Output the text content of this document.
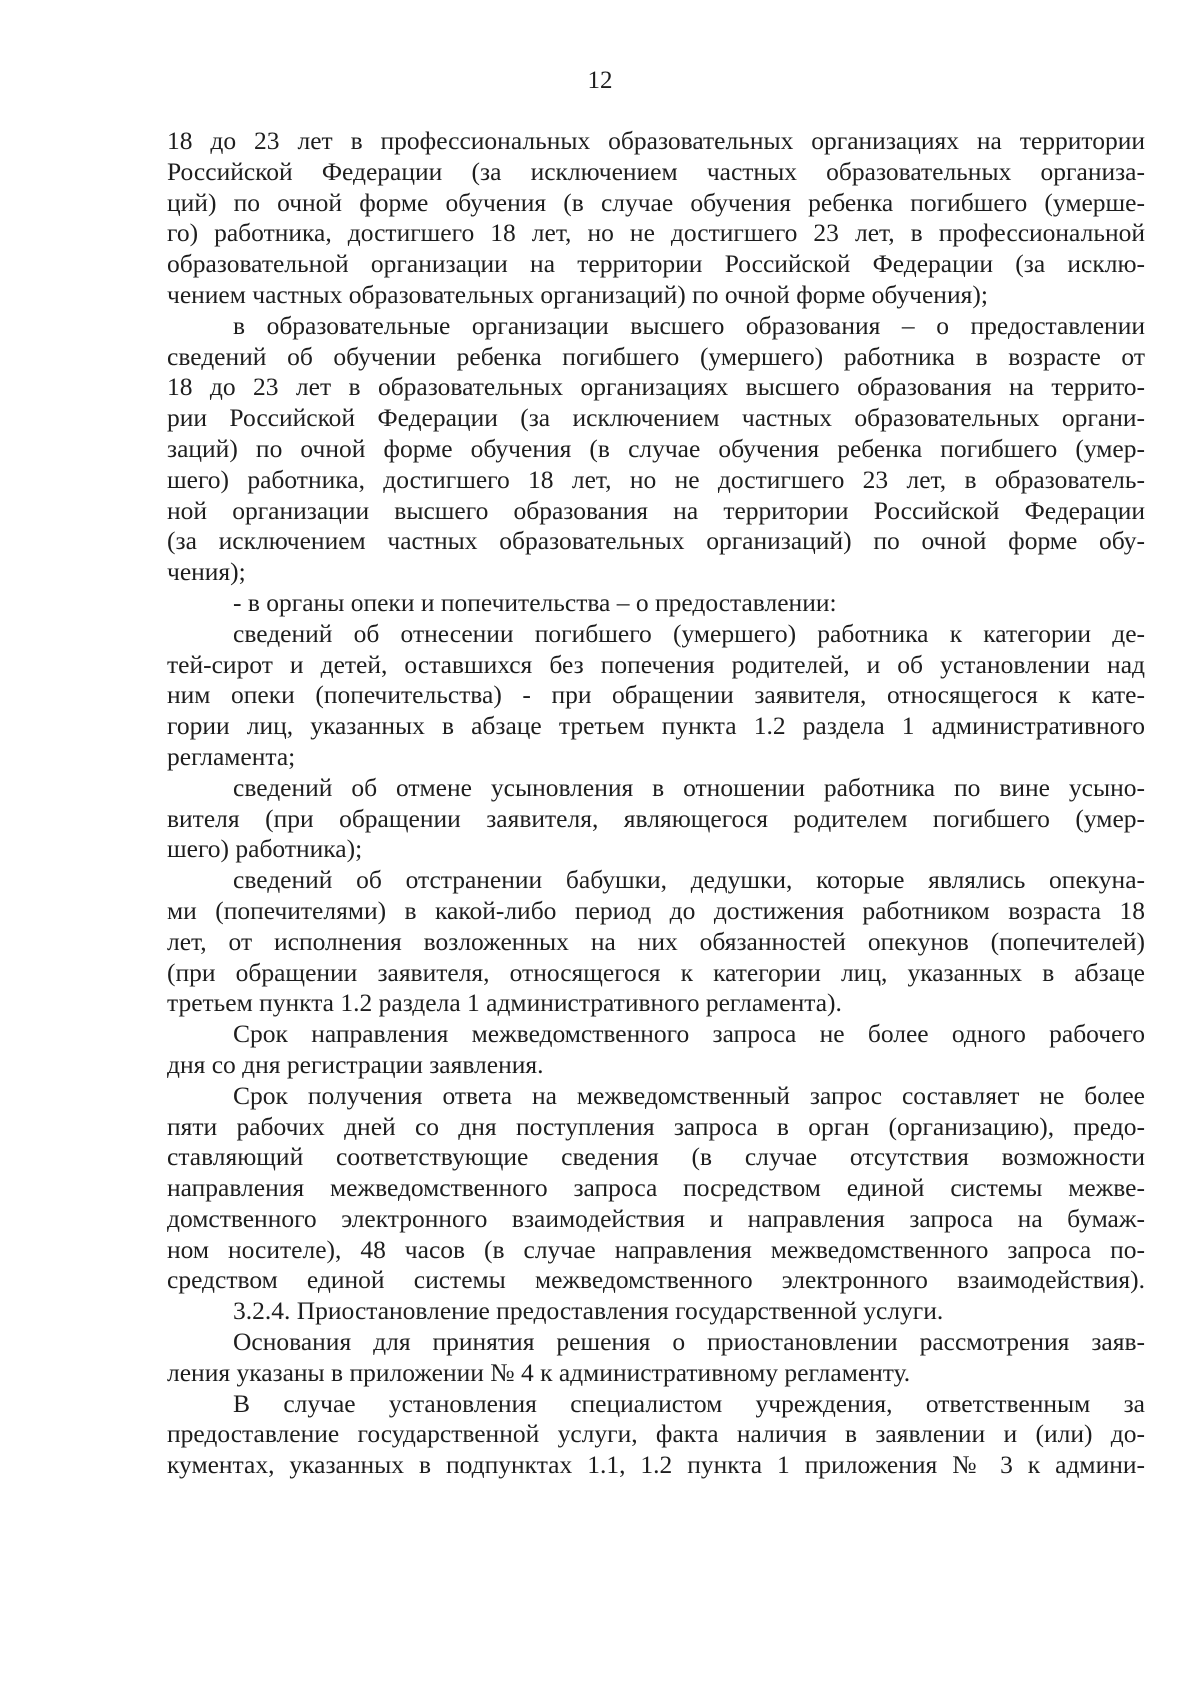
12
18 до 23 лет в профессиональных образовательных организациях на территории
Российской Федерации (за исключением частных образовательных организа-
ций) по очной форме обучения (в случае обучения ребенка погибшего (умерше-
го) работника, достигшего 18 лет, но не достигшего 23 лет, в профессиональной
образовательной организации на территории Российской Федерации (за исклю-
чением частных образовательных организаций) по очной форме обучения);
в образовательные организации высшего образования – о предоставлении
сведений об обучении ребенка погибшего (умершего) работника в возрасте от
18 до 23 лет в образовательных организациях высшего образования на террито-
рии Российской Федерации (за исключением частных образовательных органи-
заций) по очной форме обучения (в случае обучения ребенка погибшего (умер-
шего) работника, достигшего 18 лет, но не достигшего 23 лет, в образователь-
ной организации высшего образования на территории Российской Федерации
(за исключением частных образовательных организаций) по очной форме обу-
чения);
- в органы опеки и попечительства – о предоставлении:
сведений об отнесении погибшего (умершего) работника к категории де-
тей-сирот и детей, оставшихся без попечения родителей, и об установлении над
ним опеки (попечительства) - при обращении заявителя, относящегося к кате-
гории лиц, указанных в абзаце третьем пункта 1.2 раздела 1 административного
регламента;
сведений об отмене усыновления в отношении работника по вине усыно-
вителя (при обращении заявителя, являющегося родителем погибшего (умер-
шего) работника);
сведений об отстранении бабушки, дедушки, которые являлись опекуна-
ми (попечителями) в какой-либо период до достижения работником возраста 18
лет, от исполнения возложенных на них обязанностей опекунов (попечителей)
(при обращении заявителя, относящегося к категории лиц, указанных в абзаце
третьем пункта 1.2 раздела 1 административного регламента).
Срок направления межведомственного запроса не более одного рабочего
дня со дня регистрации заявления.
Срок получения ответа на межведомственный запрос составляет не более
пяти рабочих дней со дня поступления запроса в орган (организацию), предо-
ставляющий соответствующие сведения (в случае отсутствия возможности
направления межведомственного запроса посредством единой системы межве-
домственного электронного взаимодействия и направления запроса на бумаж-
ном носителе), 48 часов (в случае направления межведомственного запроса по-
средством единой системы межведомственного электронного взаимодействия).
3.2.4. Приостановление предоставления государственной услуги.
Основания для принятия решения о приостановлении рассмотрения заяв-
ления указаны в приложении № 4 к административному регламенту.
В случае установления специалистом учреждения, ответственным за
предоставление государственной услуги, факта наличия в заявлении и (или) до-
кументах, указанных в подпунктах 1.1, 1.2 пункта 1 приложения № 3 к админи-
